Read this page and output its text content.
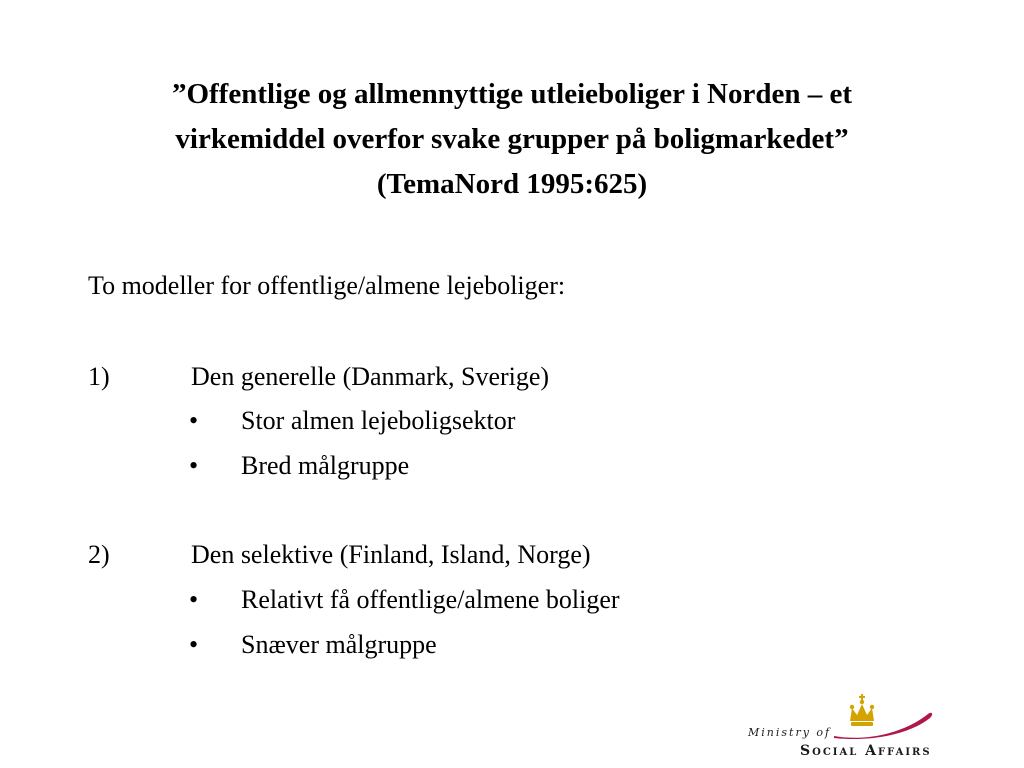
”Offentlige og allmennyttige utleieboliger i Norden – et
virkemiddel overfor svake grupper på boligmarkedet”
(TemaNord 1995:625)
To modeller for offentlige/almene lejeboliger:
1)	Den generelle (Danmark, Sverige)
• Stor almen lejeboligsektor
• Bred målgruppe
2)	Den selektive (Finland, Island, Norge)
• Relativt få offentlige/almene boliger
• Snæver målgruppe
Ministry of
Social Affairs
